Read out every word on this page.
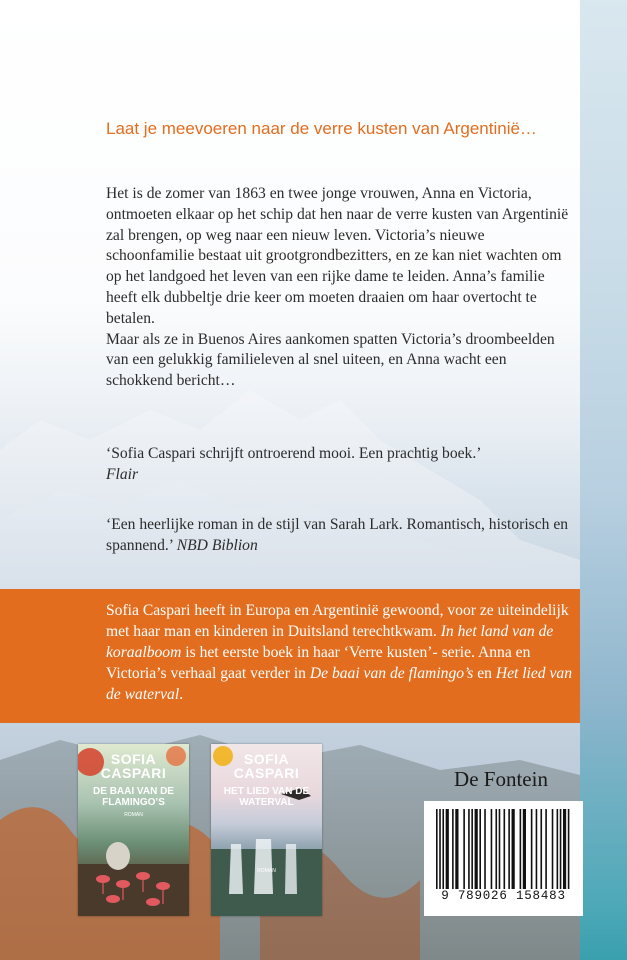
Laat je meevoeren naar de verre kusten van Argentinië…
Het is de zomer van 1863 en twee jonge vrouwen, Anna en Victoria, ontmoeten elkaar op het schip dat hen naar de verre kusten van Argentinië zal brengen, op weg naar een nieuw leven. Victoria’s nieuwe schoonfamilie bestaat uit grootgrondbezitters, en ze kan niet wachten om op het landgoed het leven van een rijke dame te leiden. Anna’s familie heeft elk dubbeltje drie keer om moeten draaien om haar overtocht te betalen.
Maar als ze in Buenos Aires aankomen spatten Victoria’s droombeelden van een gelukkig familieleven al snel uiteen, en Anna wacht een schokkend bericht…
‘Sofia Caspari schrijft ontroerend mooi. Een prachtig boek.’
Flair
‘Een heerlijke roman in de stijl van Sarah Lark. Romantisch, historisch en spannend.’ NBD Biblion
Sofia Caspari heeft in Europa en Argentinië gewoond, voor ze uiteindelijk met haar man en kinderen in Duitsland terechtkwam. In het land van de koraalboom is het eerste boek in haar ‘Verre kusten’- serie. Anna en Victoria’s verhaal gaat verder in De baai van de flamingo’s en Het lied van de waterval.
SOFIA
CASPARI
DE BAAI VAN DE FLAMINGO’S
ROMAN
SOFIA
CASPARI
HET LIED VAN DE WATERVAL
ROMAN
De Fontein
9 789026 158483
